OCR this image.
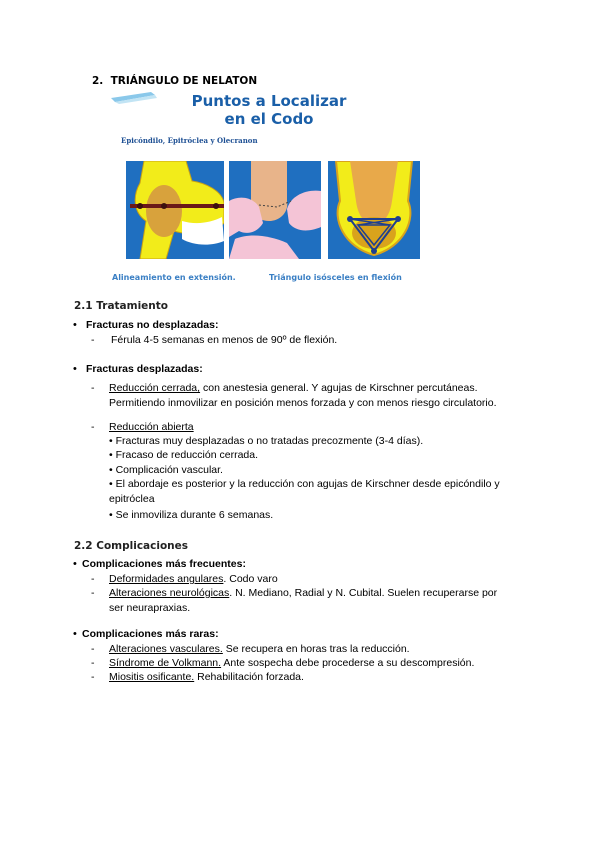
2. TRIÁNGULO DE NELATON
Puntos a Localizar
en el Codo
Epicóndilo, Epitróclea y Olecranon
Alineamiento en extensión.	Triángulo isósceles en flexión
2.1 Tratamiento
• Fracturas no desplazadas:
- Férula 4-5 semanas en menos de 90º de flexión.
• Fracturas desplazadas:
- Reducción cerrada, con anestesia general. Y agujas de Kirschner percutáneas.
Permitiendo inmovilizar en posición menos forzada y con menos riesgo circulatorio.
- Reducción abierta
• Fracturas muy desplazadas o no tratadas precozmente (3-4 días).
• Fracaso de reducción cerrada.
• Complicación vascular.
• El abordaje es posterior y la reducción con agujas de Kirschner desde epicóndilo y
epitróclea
• Se inmoviliza durante 6 semanas.
2.2 Complicaciones
• Complicaciones más frecuentes:
- Deformidades angulares. Codo varo
- Alteraciones neurológicas. N. Mediano, Radial y N. Cubital. Suelen recuperarse por
ser neurapraxias.
• Complicaciones más raras:
- Alteraciones vasculares. Se recupera en horas tras la reducción.
- Síndrome de Volkmann. Ante sospecha debe procederse a su descompresión.
- Miositis osificante. Rehabilitación forzada.
